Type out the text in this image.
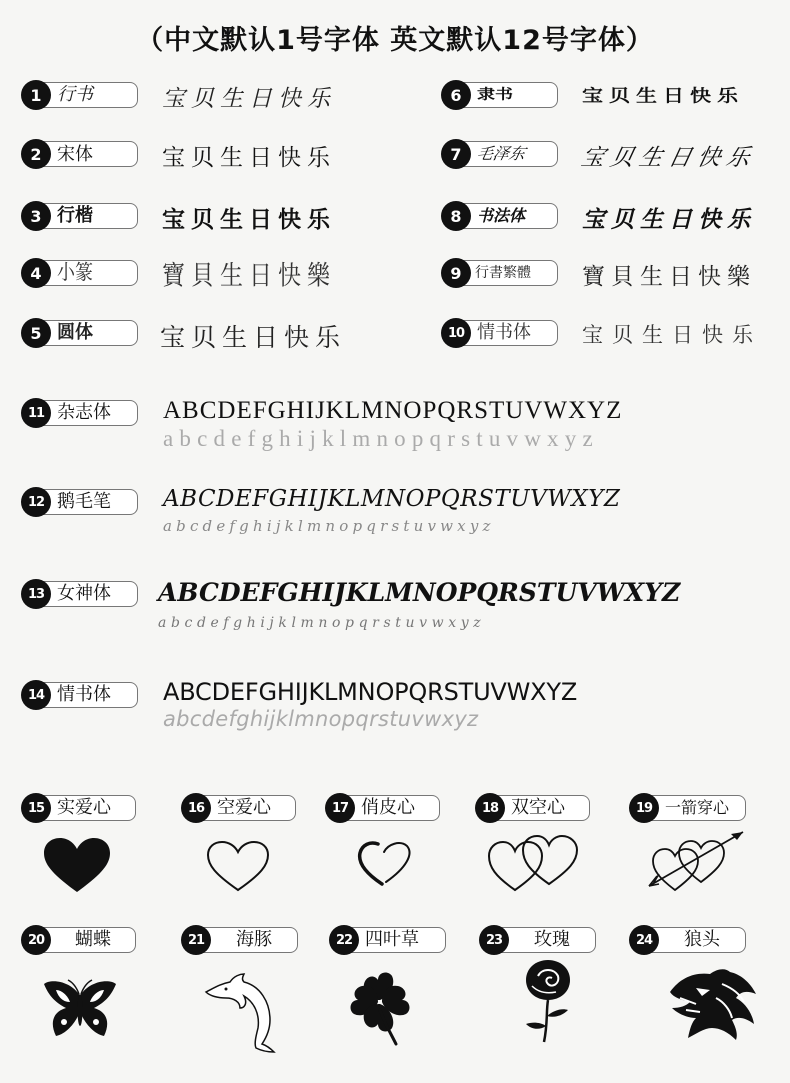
（中文默认1号字体 英文默认12号字体）
1 行书	宝贝生日快乐
2 宋体	宝贝生日快乐
3 行楷	宝贝生日快乐
4 小篆	寶貝生日快樂
5 圆体	宝贝生日快乐
6 隶书	宝贝生日快乐
7 毛泽东	宝贝生日快乐
8 书法体	宝贝生日快乐
9 行書繁體	寶貝生日快樂
10 情书体	宝贝生日快乐
11 杂志体	ABCDEFGHIJKLMNOPQRSTUVWXYZ
abcdefghijklmnopqrstuvwxyz
12 鹅毛笔	ABCDEFGHIJKLMNOPQRSTUVWXYZ
abcdefghijklmnopqrstuvwxyz
13 女神体	ABCDEFGHIJKLMNOPQRSTUVWXYZ
abcdefghijklmnopqrstuvwxyz
14 情书体	ABCDEFGHIJKLMNOPQRSTUVWXYZ
abcdefghijklmnopqrstuvwxyz
15 实爱心	16 空爱心	17 俏皮心	18 双空心	19 一箭穿心
20	蝴蝶	21	海豚	22 四叶草	23	玫瑰	24	狼头
